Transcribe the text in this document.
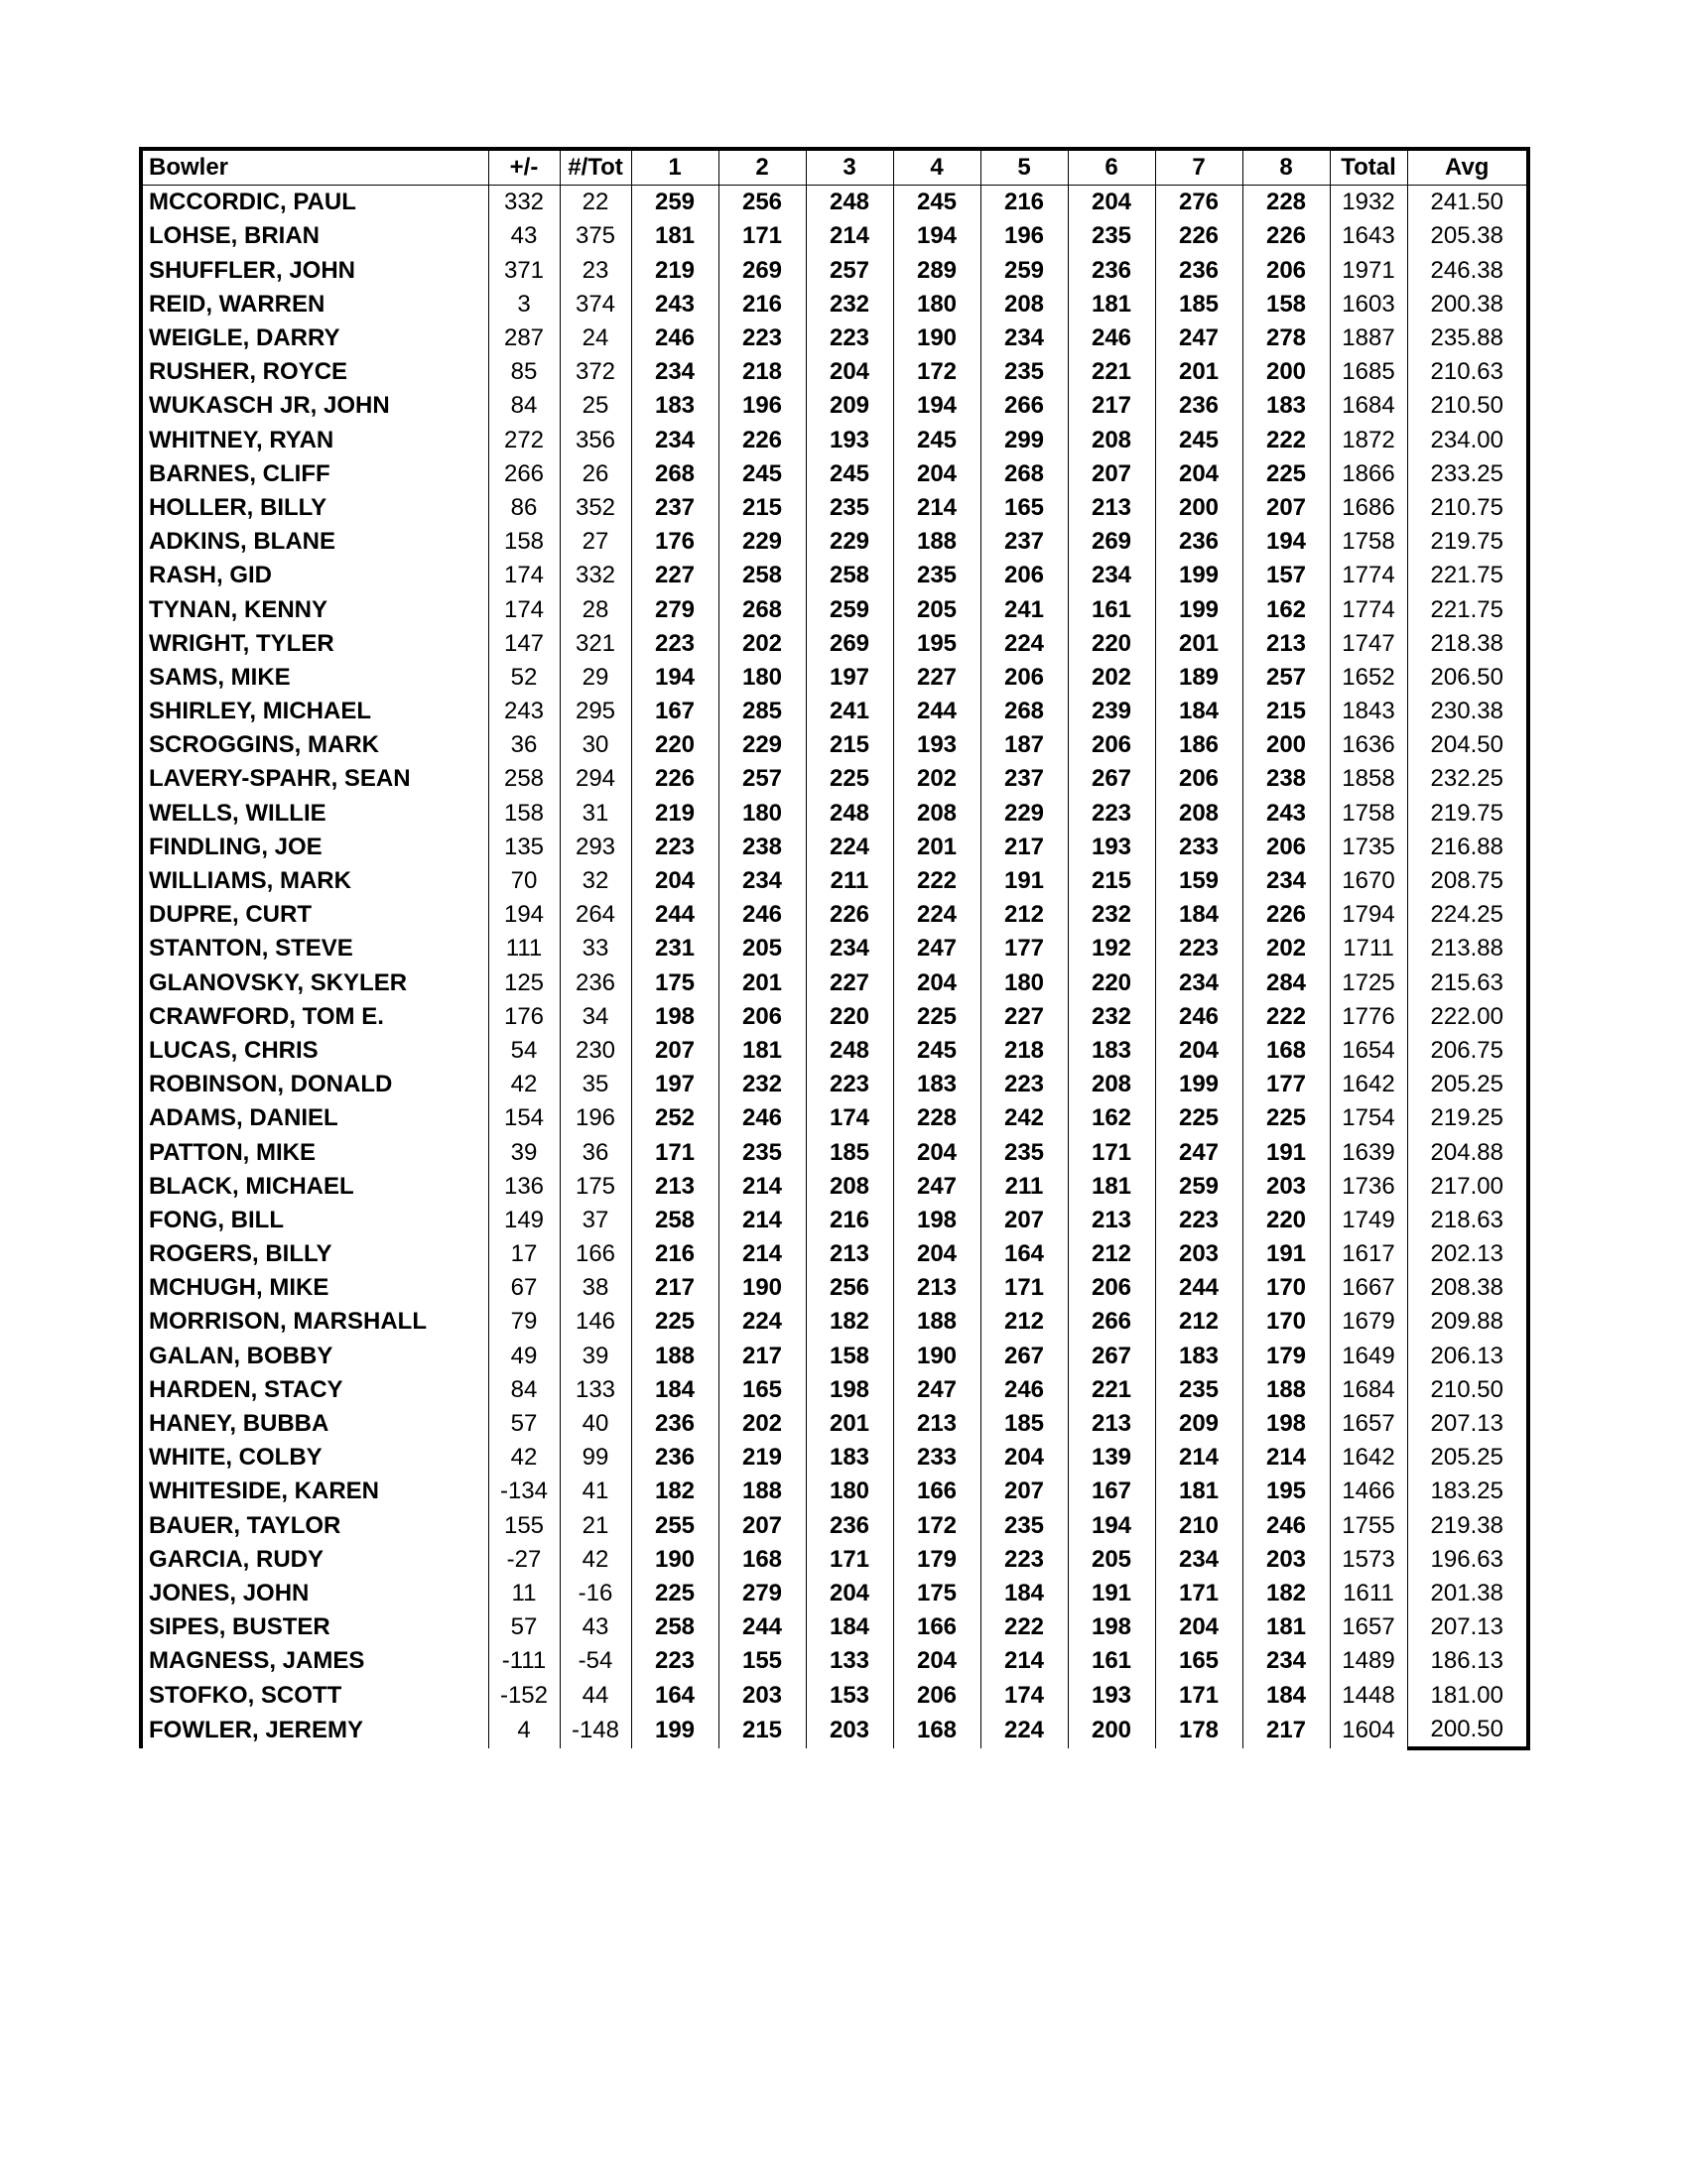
Bowler	+/-	#/Tot	1	2	3	4	5	6	7	8	Total	Avg
MCCORDIC, PAUL	332	22	259	256	248	245	216	204	276	228	1932	241.50
LOHSE, BRIAN	43	375	181	171	214	194	196	235	226	226	1643	205.38
SHUFFLER, JOHN	371	23	219	269	257	289	259	236	236	206	1971	246.38
REID, WARREN	3	374	243	216	232	180	208	181	185	158	1603	200.38
WEIGLE, DARRY	287	24	246	223	223	190	234	246	247	278	1887	235.88
RUSHER, ROYCE	85	372	234	218	204	172	235	221	201	200	1685	210.63
WUKASCH JR, JOHN	84	25	183	196	209	194	266	217	236	183	1684	210.50
WHITNEY, RYAN	272	356	234	226	193	245	299	208	245	222	1872	234.00
BARNES, CLIFF	266	26	268	245	245	204	268	207	204	225	1866	233.25
HOLLER, BILLY	86	352	237	215	235	214	165	213	200	207	1686	210.75
ADKINS, BLANE	158	27	176	229	229	188	237	269	236	194	1758	219.75
RASH, GID	174	332	227	258	258	235	206	234	199	157	1774	221.75
TYNAN, KENNY	174	28	279	268	259	205	241	161	199	162	1774	221.75
WRIGHT, TYLER	147	321	223	202	269	195	224	220	201	213	1747	218.38
SAMS, MIKE	52	29	194	180	197	227	206	202	189	257	1652	206.50
SHIRLEY, MICHAEL	243	295	167	285	241	244	268	239	184	215	1843	230.38
SCROGGINS, MARK	36	30	220	229	215	193	187	206	186	200	1636	204.50
LAVERY-SPAHR, SEAN	258	294	226	257	225	202	237	267	206	238	1858	232.25
WELLS, WILLIE	158	31	219	180	248	208	229	223	208	243	1758	219.75
FINDLING, JOE	135	293	223	238	224	201	217	193	233	206	1735	216.88
WILLIAMS, MARK	70	32	204	234	211	222	191	215	159	234	1670	208.75
DUPRE, CURT	194	264	244	246	226	224	212	232	184	226	1794	224.25
STANTON, STEVE	111	33	231	205	234	247	177	192	223	202	1711	213.88
GLANOVSKY, SKYLER	125	236	175	201	227	204	180	220	234	284	1725	215.63
CRAWFORD, TOM E.	176	34	198	206	220	225	227	232	246	222	1776	222.00
LUCAS, CHRIS	54	230	207	181	248	245	218	183	204	168	1654	206.75
ROBINSON, DONALD	42	35	197	232	223	183	223	208	199	177	1642	205.25
ADAMS, DANIEL	154	196	252	246	174	228	242	162	225	225	1754	219.25
PATTON, MIKE	39	36	171	235	185	204	235	171	247	191	1639	204.88
BLACK, MICHAEL	136	175	213	214	208	247	211	181	259	203	1736	217.00
FONG, BILL	149	37	258	214	216	198	207	213	223	220	1749	218.63
ROGERS, BILLY	17	166	216	214	213	204	164	212	203	191	1617	202.13
MCHUGH, MIKE	67	38	217	190	256	213	171	206	244	170	1667	208.38
MORRISON, MARSHALL	79	146	225	224	182	188	212	266	212	170	1679	209.88
GALAN, BOBBY	49	39	188	217	158	190	267	267	183	179	1649	206.13
HARDEN, STACY	84	133	184	165	198	247	246	221	235	188	1684	210.50
HANEY, BUBBA	57	40	236	202	201	213	185	213	209	198	1657	207.13
WHITE, COLBY	42	99	236	219	183	233	204	139	214	214	1642	205.25
WHITESIDE, KAREN	-134	41	182	188	180	166	207	167	181	195	1466	183.25
BAUER, TAYLOR	155	21	255	207	236	172	235	194	210	246	1755	219.38
GARCIA, RUDY	-27	42	190	168	171	179	223	205	234	203	1573	196.63
JONES, JOHN	11	-16	225	279	204	175	184	191	171	182	1611	201.38
SIPES, BUSTER	57	43	258	244	184	166	222	198	204	181	1657	207.13
MAGNESS, JAMES	-111	-54	223	155	133	204	214	161	165	234	1489	186.13
STOFKO, SCOTT	-152	44	164	203	153	206	174	193	171	184	1448	181.00
FOWLER, JEREMY	4	-148	199	215	203	168	224	200	178	217	1604	200.50
